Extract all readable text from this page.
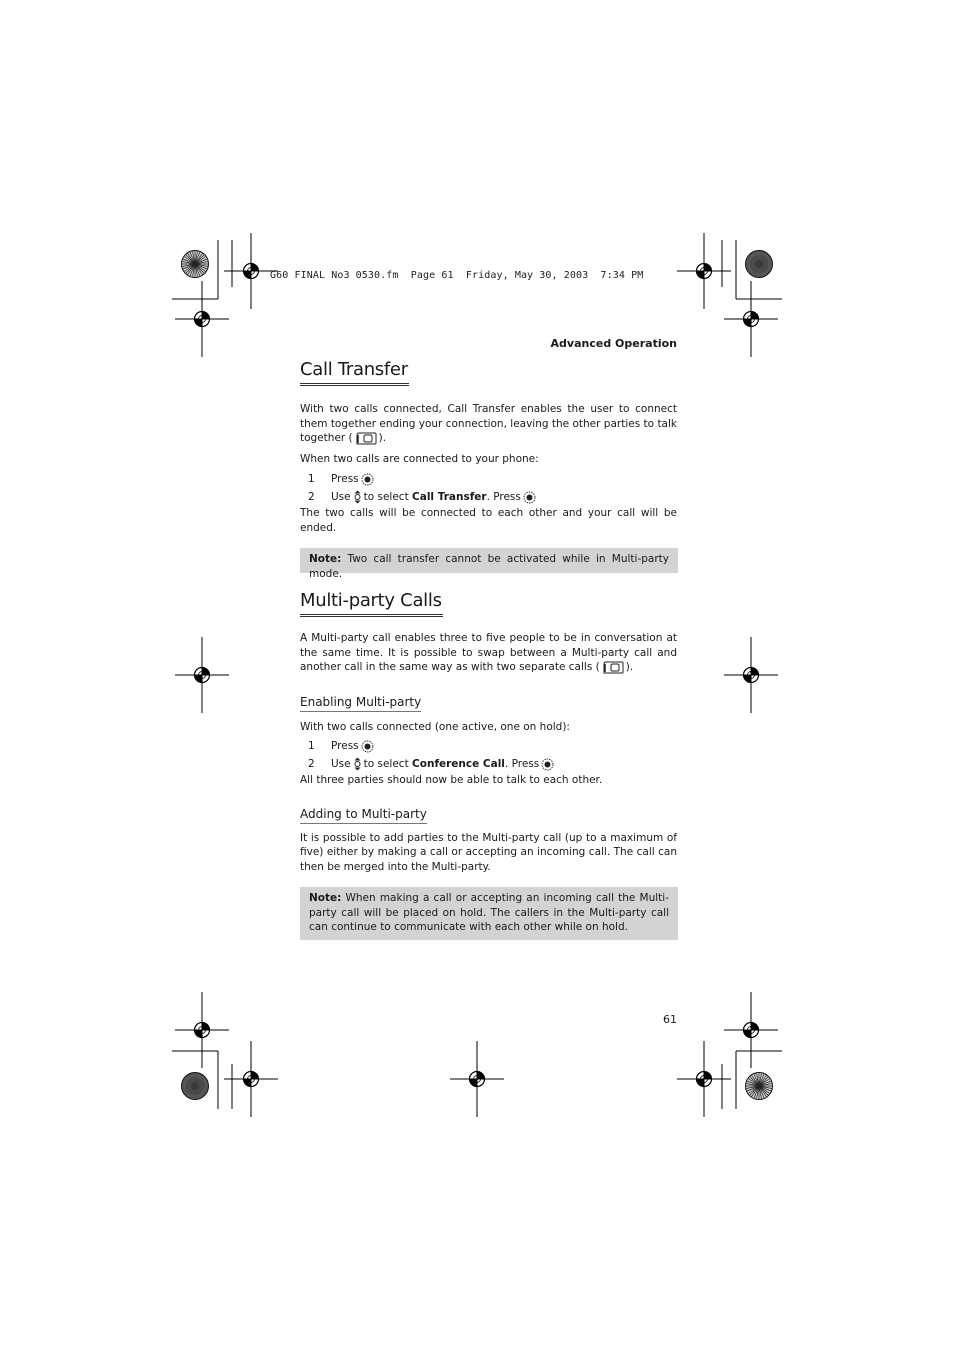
G60 FINAL No3 0530.fm  Page 61  Friday, May 30, 2003  7:34 PM
Advanced Operation
Call Transfer

With two calls connected, Call Transfer enables the user to connect them together ending your connection, leaving the other parties to talk together ( ).

When two calls are connected to your phone:

1	Press
2	Use to select
Call Transfer . Press

The two calls will be connected to each other and your call will be ended.

Note: Two call transfer cannot be activated while in Multi-party mode.
Multi-party Calls

A Multi-party call enables three to five people to be in conversation at the same time. It is possible to swap between a Multi-party call and another call in the same way as with two separate calls ( ).

Enabling Multi-party

With two calls connected (one active, one on hold):

1	Press
2	Use to select
Conference Call . Press

All three parties should now be able to talk to each other.

Adding to Multi-party

It is possible to add parties to the Multi-party call (up to a maximum of five) either by making a call or accepting an incoming call. The call can then be merged into the Multi-party.

Note: When making a call or accepting an incoming call the Multi-party call will be placed on hold. The callers in the Multi-party call can continue to communicate with each other while on hold.
61
